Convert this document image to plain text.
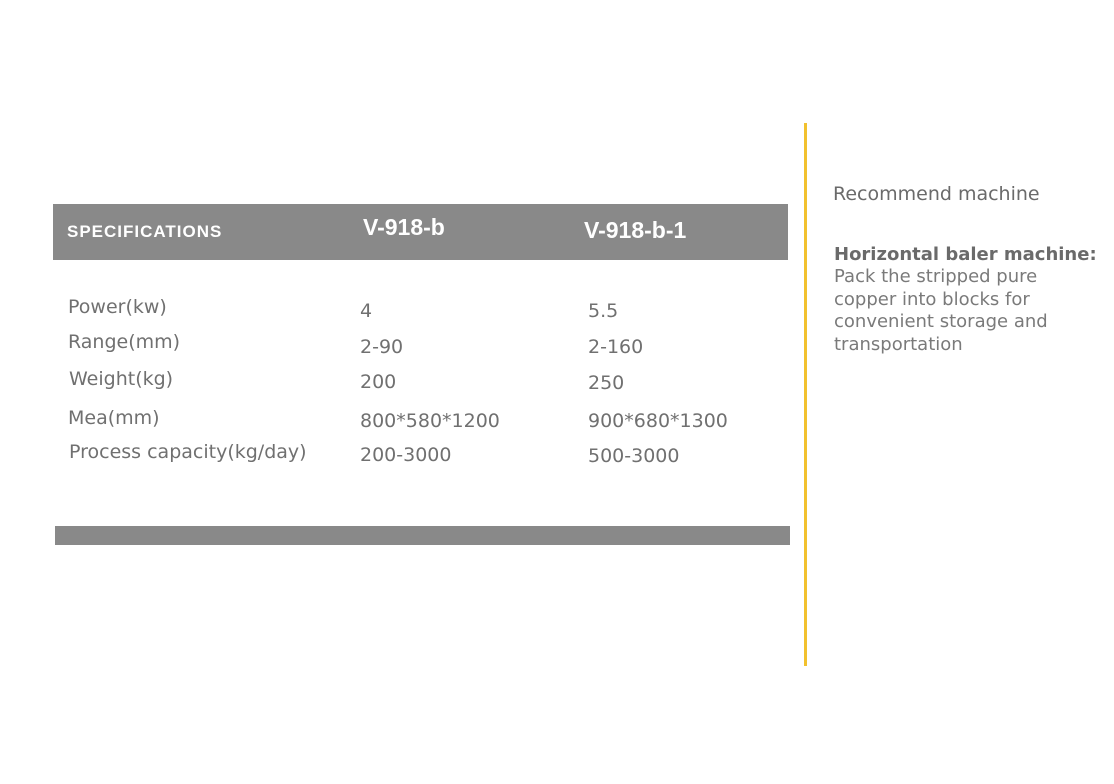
SPECIFICATIONS	V-918-b	V-918-b-1
Power(kw)	4	5.5
Range(mm)	2-90	2-160
Weight(kg)	200	250
Mea(mm)	800*580*1200	900*680*1300
Process capacity(kg/day)	200-3000	500-3000
Recommend machine
Horizontal baler machine:
Pack the stripped pure copper into blocks for convenient storage and transportation
